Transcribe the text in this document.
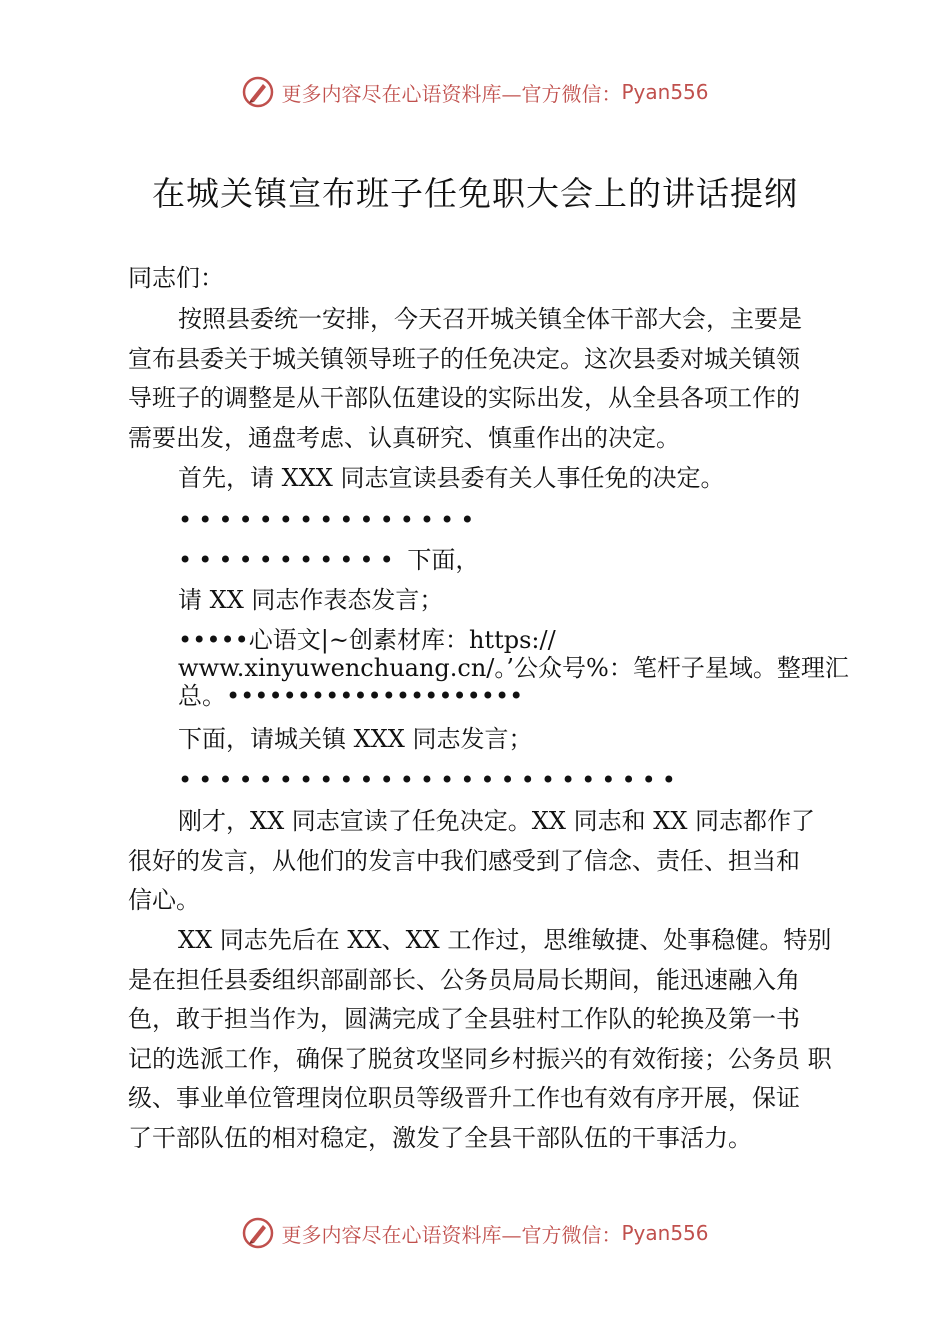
更多内容尽在心语资料库—官方微信： Pyan556
在城关镇宣布班子任免职大会上的讲话提纲
同志们：
按照县委统一安排，今天召开城关镇全体干部大会，主要是
宣布县委关于城关镇领导班子的任免决定。这次县委对城关镇领
导班子的调整是从干部队伍建设的实际出发，从全县各项工作的
需要出发，通盘考虑、认真研究、慎重作出的决定。
首先，请 XXX 同志宣读县委有关人事任免的决定。
•••••••••••••••
••••••••••• 下面，
请 XX 同志作表态发言；
•••••心语文|~创素材库：https://
www.xinyuwenchuang.cn/。’公众号%：笔杆子星域。整理汇
总。•••••••••••••••••••••
下面，请城关镇 XXX 同志发言；
•••••••••••••••••••••••••
刚才，XX 同志宣读了任免决定。XX 同志和 XX 同志都作了
很好的发言，从他们的发言中我们感受到了信念、责任、担当和
信心。
XX 同志先后在 XX、XX 工作过，思维敏捷、处事稳健。特别
是在担任县委组织部副部长、公务员局局长期间，能迅速融入角
色，敢于担当作为，圆满完成了全县驻村工作队的轮换及第一书
记的选派工作，确保了脱贫攻坚同乡村振兴的有效衔接；公务员 职
级、事业单位管理岗位职员等级晋升工作也有效有序开展，保证
了干部队伍的相对稳定，激发了全县干部队伍的干事活力。
更多内容尽在心语资料库—官方微信： Pyan556
